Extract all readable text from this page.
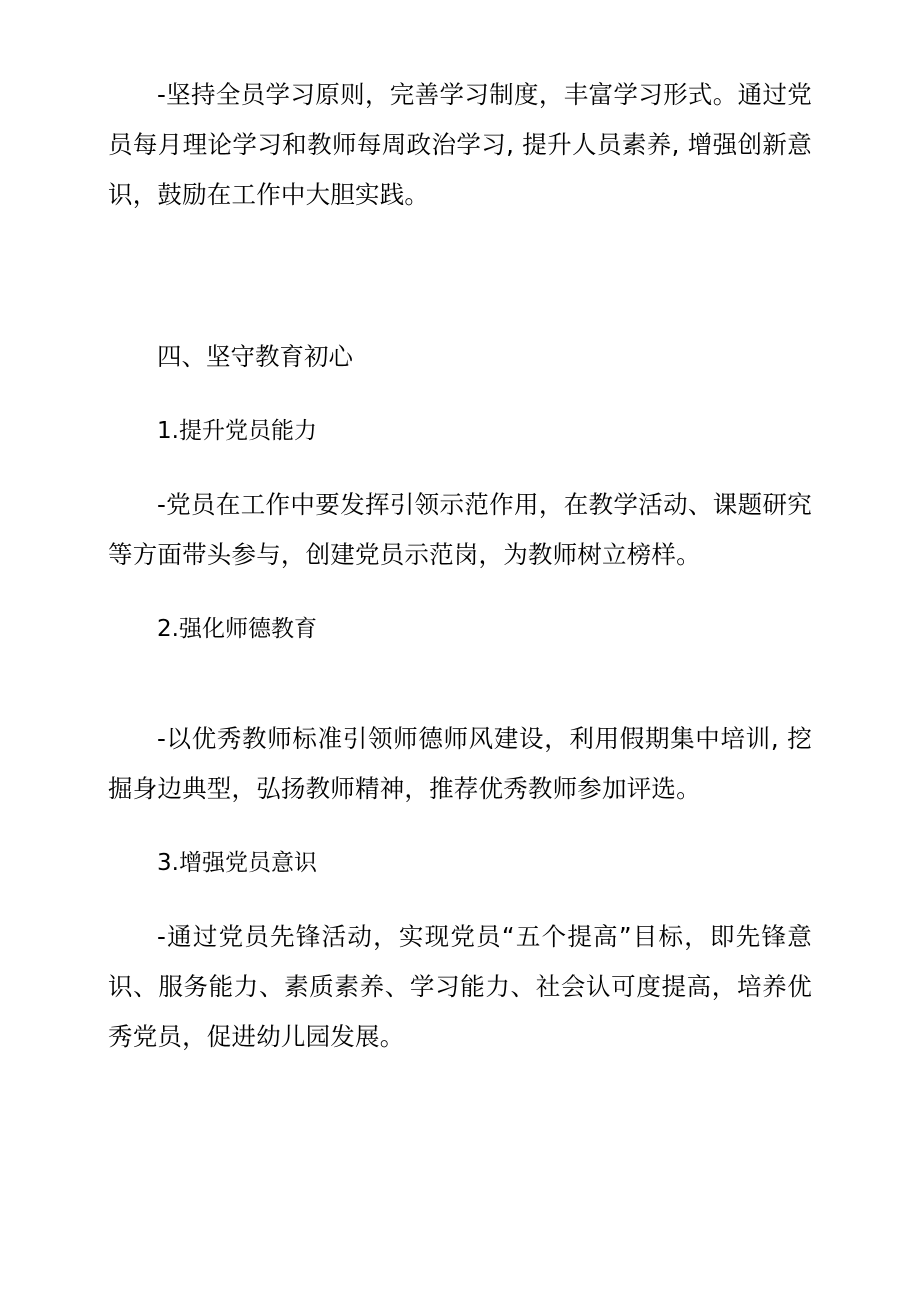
-坚持全员学习原则，完善学习制度，丰富学习形式。通过党员每月理论学习和教师每周政治学习, 提升人员素养, 增强创新意识，鼓励在工作中大胆实践。

四、坚守教育初心

1.提升党员能力

-党员在工作中要发挥引领示范作用，在教学活动、课题研究等方面带头参与，创建党员示范岗，为教师树立榜样。

2.强化师德教育

-以优秀教师标准引领师德师风建设，利用假期集中培训, 挖掘身边典型，弘扬教师精神，推荐优秀教师参加评选。

3.增强党员意识

-通过党员先锋活动，实现党员“五个提高”目标，即先锋意识、服务能力、素质素养、学习能力、社会认可度提高，培养优秀党员，促进幼儿园发展。
